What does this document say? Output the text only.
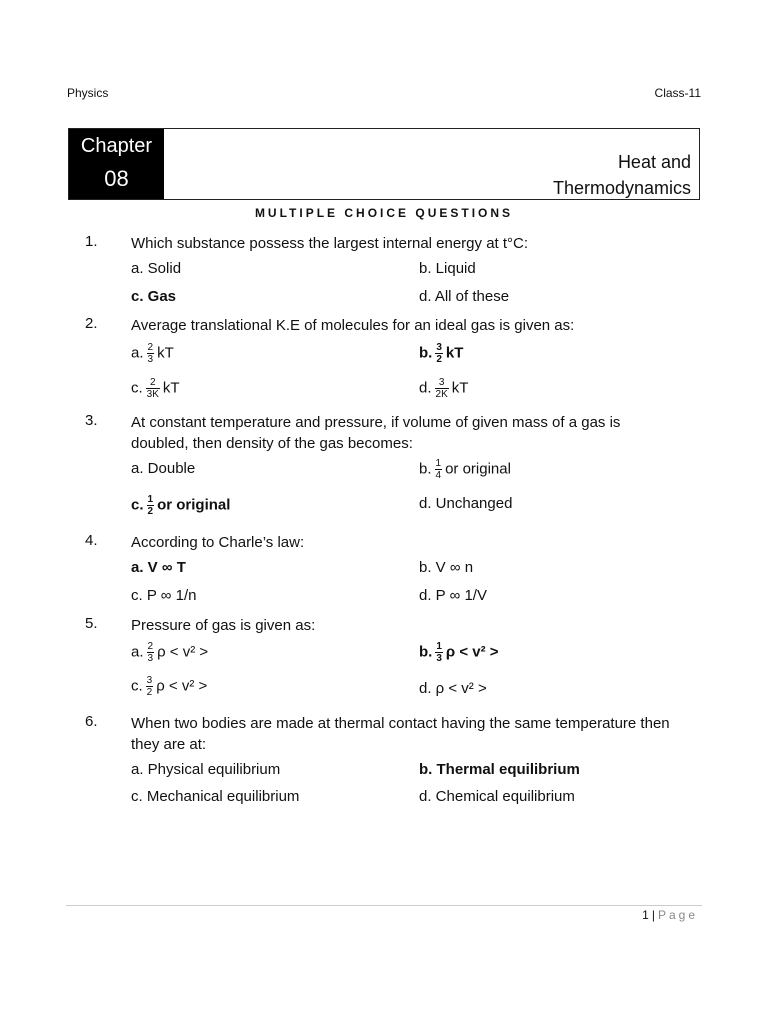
Physics	Class-11
Chapter
08
Heat and
Thermodynamics
MULTIPLE CHOICE QUESTIONS
1. Which substance possess the largest internal energy at t°C:
a. Solid	b. Liquid
c. Gas	d. All of these
2. Average translational K.E of molecules for an ideal gas is given as:
a. $\frac{2}{3}$ kT	b. $\frac{3}{2}$ kT
c. $\frac{2}{3K}$ kT	d. $\frac{3}{2K}$ kT
3. At constant temperature and pressure, if volume of given mass of a gas is doubled, then density of the gas becomes:
a. Double	b. $\frac{1}{4}$ or original
c. $\frac{1}{2}$ or original	d. Unchanged
4. According to Charle’s law:
a. V ∞ T	b. V ∞ n
c. P ∞ 1/n	d. P ∞ 1/V
5. Pressure of gas is given as:
a. $\frac{2}{3}$ ρ < v² >	b. $\frac{1}{3}$ ρ < v² >
c. $\frac{3}{2}$ ρ < v² >	d. ρ < v² >
6. When two bodies are made at thermal contact having the same temperature then they are at:
a. Physical equilibrium	b. Thermal equilibrium
c. Mechanical equilibrium	d. Chemical equilibrium
1 | Page
